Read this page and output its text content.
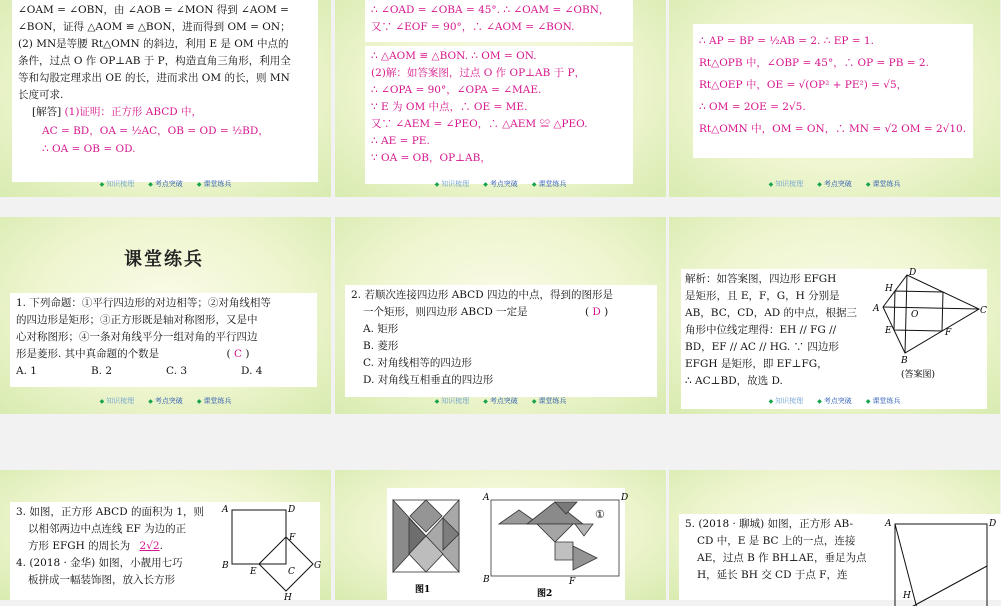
∠OAM = ∠OBN，由 ∠AOB = ∠MON 得到 ∠AOM =

∠BON，证得 △AOM ≌ △BON，进而得到 OM = ON；

(2) MN是等腰 Rt△OMN 的斜边，利用 E 是 OM 中点的

条件，过点 O 作 OP⊥AB 于 P，构造直角三角形，利用全

等和勾股定理求出 OE 的长，进而求出 OM 的长，则 MN

长度可求.

[解答] (1)证明：正方形 ABCD 中，

AC = BD，OA = ½AC，OB = OD = ½BD，

∴ OA = OB = OD.

◆ 知识梳理	◆ 考点突破	◆ 课堂练兵

∴ ∠OAD = ∠OBA = 45°. ∴ ∠OAM = ∠OBN，

又∵ ∠EOF = 90°，∴ ∠AOM = ∠BON.

∴ △AOM ≌ △BON. ∴ OM = ON.

(2)解：如答案图，过点 O 作 OP⊥AB 于 P，

∴ ∠OPA = 90°，∠OPA = ∠MAE.

∵ E 为 OM 中点，∴ OE = ME.

又∵ ∠AEM = ∠PEO，∴ △AEM ≌ △PEO.

∴ AE = PE.

∵ OA = OB，OP⊥AB，

◆ 知识梳理	◆ 考点突破	◆ 课堂练兵

∴ AP = BP = ½AB = 2. ∴ EP = 1.

Rt△OPB 中，∠OBP = 45°，∴ OP = PB = 2.

Rt△OEP 中，OE = √(OP² + PE²) = √5，

∴ OM = 2OE = 2√5.

Rt△OMN 中，OM = ON，∴ MN = √2 OM = 2√10.

◆ 知识梳理	◆ 考点突破	◆ 课堂练兵
课堂练兵

1. 下列命题：①平行四边形的对边相等；②对角线相等

的四边形是矩形；③正方形既是轴对称图形，又是中

心对称图形；④一条对角线平分一组对角的平行四边

形是菱形. 其中真命题的个数是	( C )

A. 1	B. 2	C. 3	D. 4

◆ 知识梳理	◆ 考点突破	◆ 课堂练兵

2. 若顺次连接四边形 ABCD 四边的中点，得到的图形是

一个矩形，则四边形 ABCD 一定是	( D )

A. 矩形

B. 菱形

C. 对角线相等的四边形

D. 对角线互相垂直的四边形

◆ 知识梳理	◆ 考点突破	◆ 课堂练兵

解析：如答案图，四边形 EFGH

是矩形，且 E，F，G，H 分别是

AB，BC，CD，AD 的中点，根据三

角形中位线定理得：EH // FG //

BD，EF // AC // HG. ∵ 四边形

EFGH 是矩形，即 EF⊥FG，

∴ AC⊥BD，故选 D.

D
H
A
O	C
E	F
B
(答案图)
◆ 知识梳理	◆ 考点突破	◆ 课堂练兵

3. 如图，正方形 ABCD 的面积为 1，则

以相邻两边中点连线 EF 为边的正

方形 EFGH 的周长为 2√2.

4. (2018 · 金华) 如图，小靓用七巧

板拼成一幅装饰图，放入长方形

A	D
F
B
E	C
G
H
图1
A	D
B	F
①
图2

5. (2018 · 聊城) 如图，正方形 AB-

CD 中，E 是 BC 上的一点，连接

AE，过点 B 作 BH⊥AE，垂足为点

H，延长 BH 交 CD 于点 F，连

A	D
H
